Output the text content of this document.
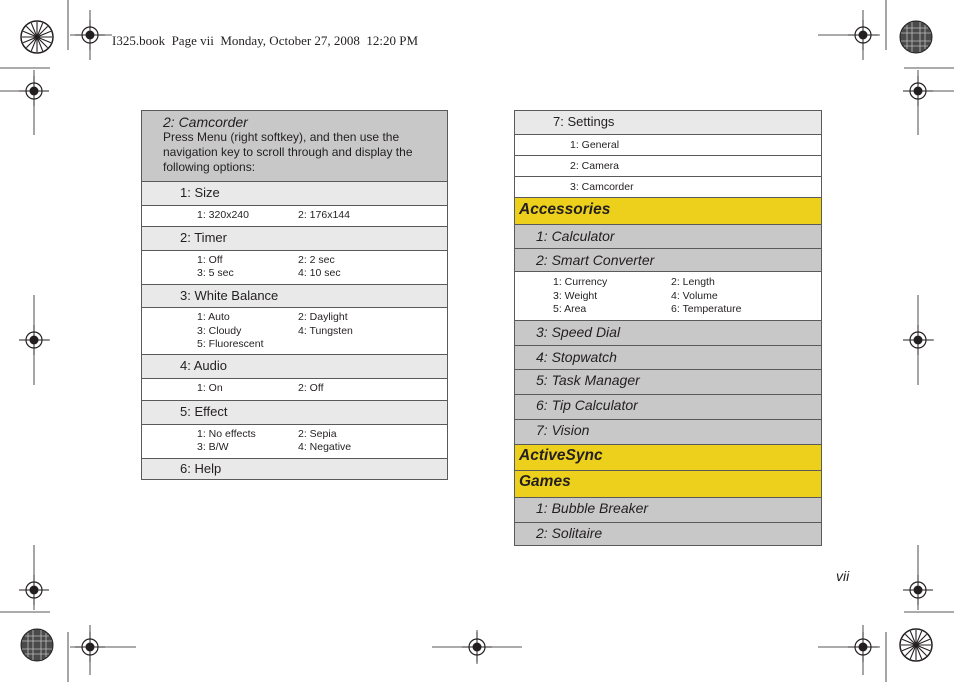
I325.book  Page vii  Monday, October 27, 2008  12:20 PM
2: Camcorder
Press Menu (right softkey), and then use the navigation key to scroll through and display the following options:
1: Size
1: 320x240	2: 176x144
2: Timer
1: Off	2: 2 sec
3: 5 sec	4: 10 sec
3: White Balance
1: Auto	2: Daylight
3: Cloudy	4: Tungsten
5: Fluorescent
4: Audio
1: On	2: Off
5: Effect
1: No effects	2: Sepia
3: B/W	4: Negative
6: Help
7: Settings
1: General
2: Camera
3: Camcorder
Accessories
1: Calculator
2: Smart Converter
1: Currency	2: Length
3: Weight	4: Volume
5: Area	6: Temperature
3: Speed Dial
4: Stopwatch
5: Task Manager
6: Tip Calculator
7: Vision
ActiveSync
Games
1: Bubble Breaker
2: Solitaire
vii
